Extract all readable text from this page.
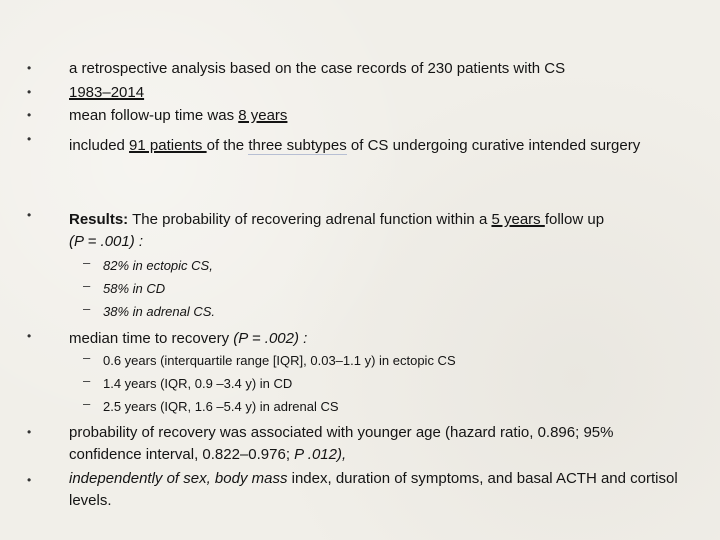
•	a retrospective analysis based on the case records of 230 patients with CS
•	1983–2014
•	mean follow-up time was 8 years
•	included 91 patients of the three subtypes of CS undergoing curative intended surgery
•	Results: The probability of recovering adrenal function within a 5 years follow up
(P = .001) :
– 82% in ectopic CS,
– 58% in CD
– 38% in adrenal CS.
•	median time to recovery (P = .002) :
– 0.6 years (interquartile range [IQR], 0.03–1.1 y) in ectopic CS
– 1.4 years (IQR, 0.9 –3.4 y) in CD
– 2.5 years (IQR, 1.6 –5.4 y) in adrenal CS
•	probability of recovery was associated with younger age (hazard ratio, 0.896; 95% confidence interval, 0.822–0.976; P .012),
•	independently of sex, body mass index, duration of symptoms, and basal ACTH and cortisol levels.
